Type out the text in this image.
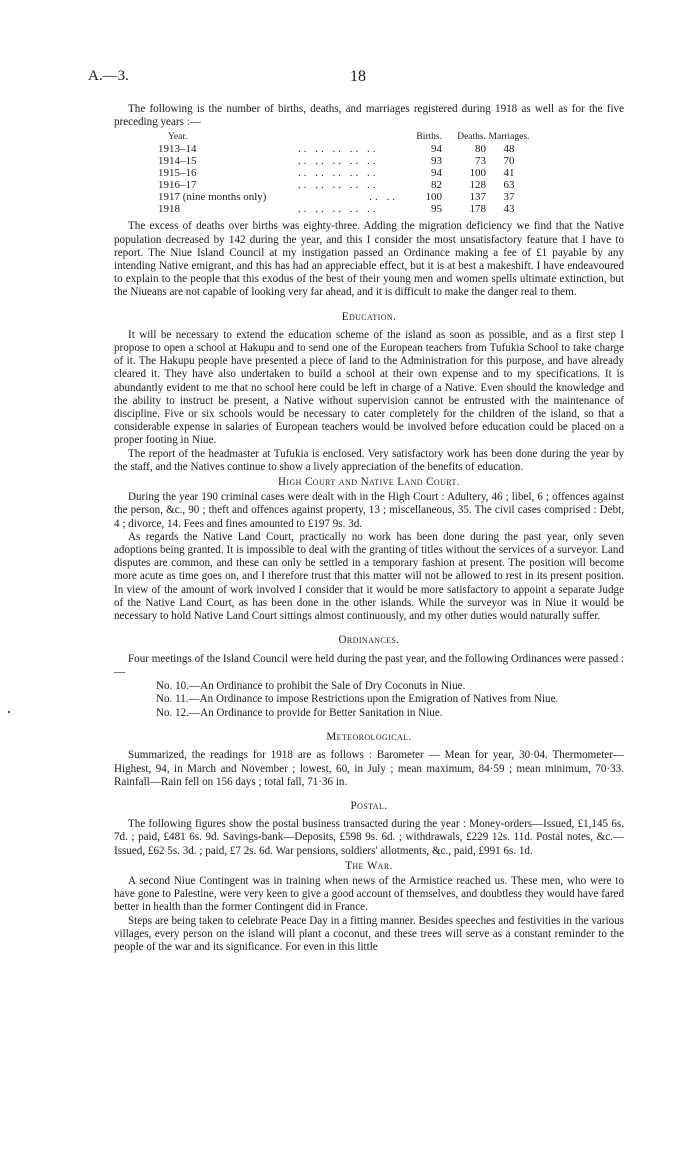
A.—3.	18

The following is the number of births, deaths, and marriages registered during 1918 as well as for the five preceding years :—

Year.		Births.	Deaths.	Marriages.
1913–14	.. .. .. .. ..	94	80	48
1914–15	.. .. .. .. ..	93	73	70
1915–16	.. .. .. .. ..	94	100	41
1916–17	.. .. .. .. ..	82	128	63
1917 (nine months only)	.. ..	100	137	37
1918	.. .. .. .. ..	95	178	43

The excess of deaths over births was eighty-three. Adding the migration deficiency we find that the Native population decreased by 142 during the year, and this I consider the most unsatisfactory feature that I have to report. The Niue Island Council at my instigation passed an Ordinance making a fee of £1 payable by any intending Native emigrant, and this has had an appreciable effect, but it is at best a makeshift. I have endeavoured to explain to the people that this exodus of the best of their young men and women spells ultimate extinction, but the Niueans are not capable of looking very far ahead, and it is difficult to make the danger real to them.

Education.

It will be necessary to extend the education scheme of the island as soon as possible, and as a first step I propose to open a school at Hakupu and to send one of the European teachers from Tufukia School to take charge of it. The Hakupu people have presented a piece of land to the Administration for this purpose, and have already cleared it. They have also undertaken to build a school at their own expense and to my specifications. It is abundantly evident to me that no school here could be left in charge of a Native. Even should the knowledge and the ability to instruct be present, a Native without supervision cannot be entrusted with the maintenance of discipline. Five or six schools would be necessary to cater completely for the children of the island, so that a considerable expense in salaries of European teachers would be involved before education could be placed on a proper footing in Niue.

The report of the headmaster at Tufukia is enclosed. Very satisfactory work has been done during the year by the staff, and the Natives continue to show a lively appreciation of the benefits of education.

High Court and Native Land Court.

During the year 190 criminal cases were dealt with in the High Court : Adultery, 46 ; libel, 6 ; offences against the person, &c., 90 ; theft and offences against property, 13 ; miscellaneous, 35. The civil cases comprised : Debt, 4 ; divorce, 14. Fees and fines amounted to £197 9s. 3d.

As regards the Native Land Court, practically no work has been done during the past year, only seven adoptions being granted. It is impossible to deal with the granting of titles without the services of a surveyor. Land disputes are common, and these can only be settled in a temporary fashion at present. The position will become more acute as time goes on, and I therefore trust that this matter will not be allowed to rest in its present position. In view of the amount of work involved I consider that it would be more satisfactory to appoint a separate Judge of the Native Land Court, as has been done in the other islands. While the surveyor was in Niue it would be necessary to hold Native Land Court sittings almost continuously, and my other duties would naturally suffer.

Ordinances.

Four meetings of the Island Council were held during the past year, and the following Ordinances were passed :—

No. 10.—An Ordinance to prohibit the Sale of Dry Coconuts in Niue.
No. 11.—An Ordinance to impose Restrictions upon the Emigration of Natives from Niue.
No. 12.—An Ordinance to provide for Better Sanitation in Niue.
Meteorological.

Summarized, the readings for 1918 are as follows : Barometer — Mean for year, 30·04. Thermometer—Highest, 94, in March and November ; lowest, 60, in July ; mean maximum, 84·59 ; mean minimum, 70·33. Rainfall—Rain fell on 156 days ; total fall, 71·36 in.

Postal.

The following figures show the postal business transacted during the year : Money-orders—Issued, £1,145 6s. 7d. ; paid, £481 6s. 9d. Savings-bank—Deposits, £598 9s. 6d. ; withdrawals, £229 12s. 11d. Postal notes, &c.—Issued, £62 5s. 3d. ; paid, £7 2s. 6d. War pensions, soldiers' allotments, &c., paid, £991 6s. 1d.

The War.

A second Niue Contingent was in training when news of the Armistice reached us. These men, who were to have gone to Palestine, were very keen to give a good account of themselves, and doubtless they would have fared better in health than the former Contingent did in France.

Steps are being taken to celebrate Peace Day in a fitting manner. Besides speeches and festivities in the various villages, every person on the island will plant a coconut, and these trees will serve as a constant reminder to the people of the war and its significance. For even in this little
